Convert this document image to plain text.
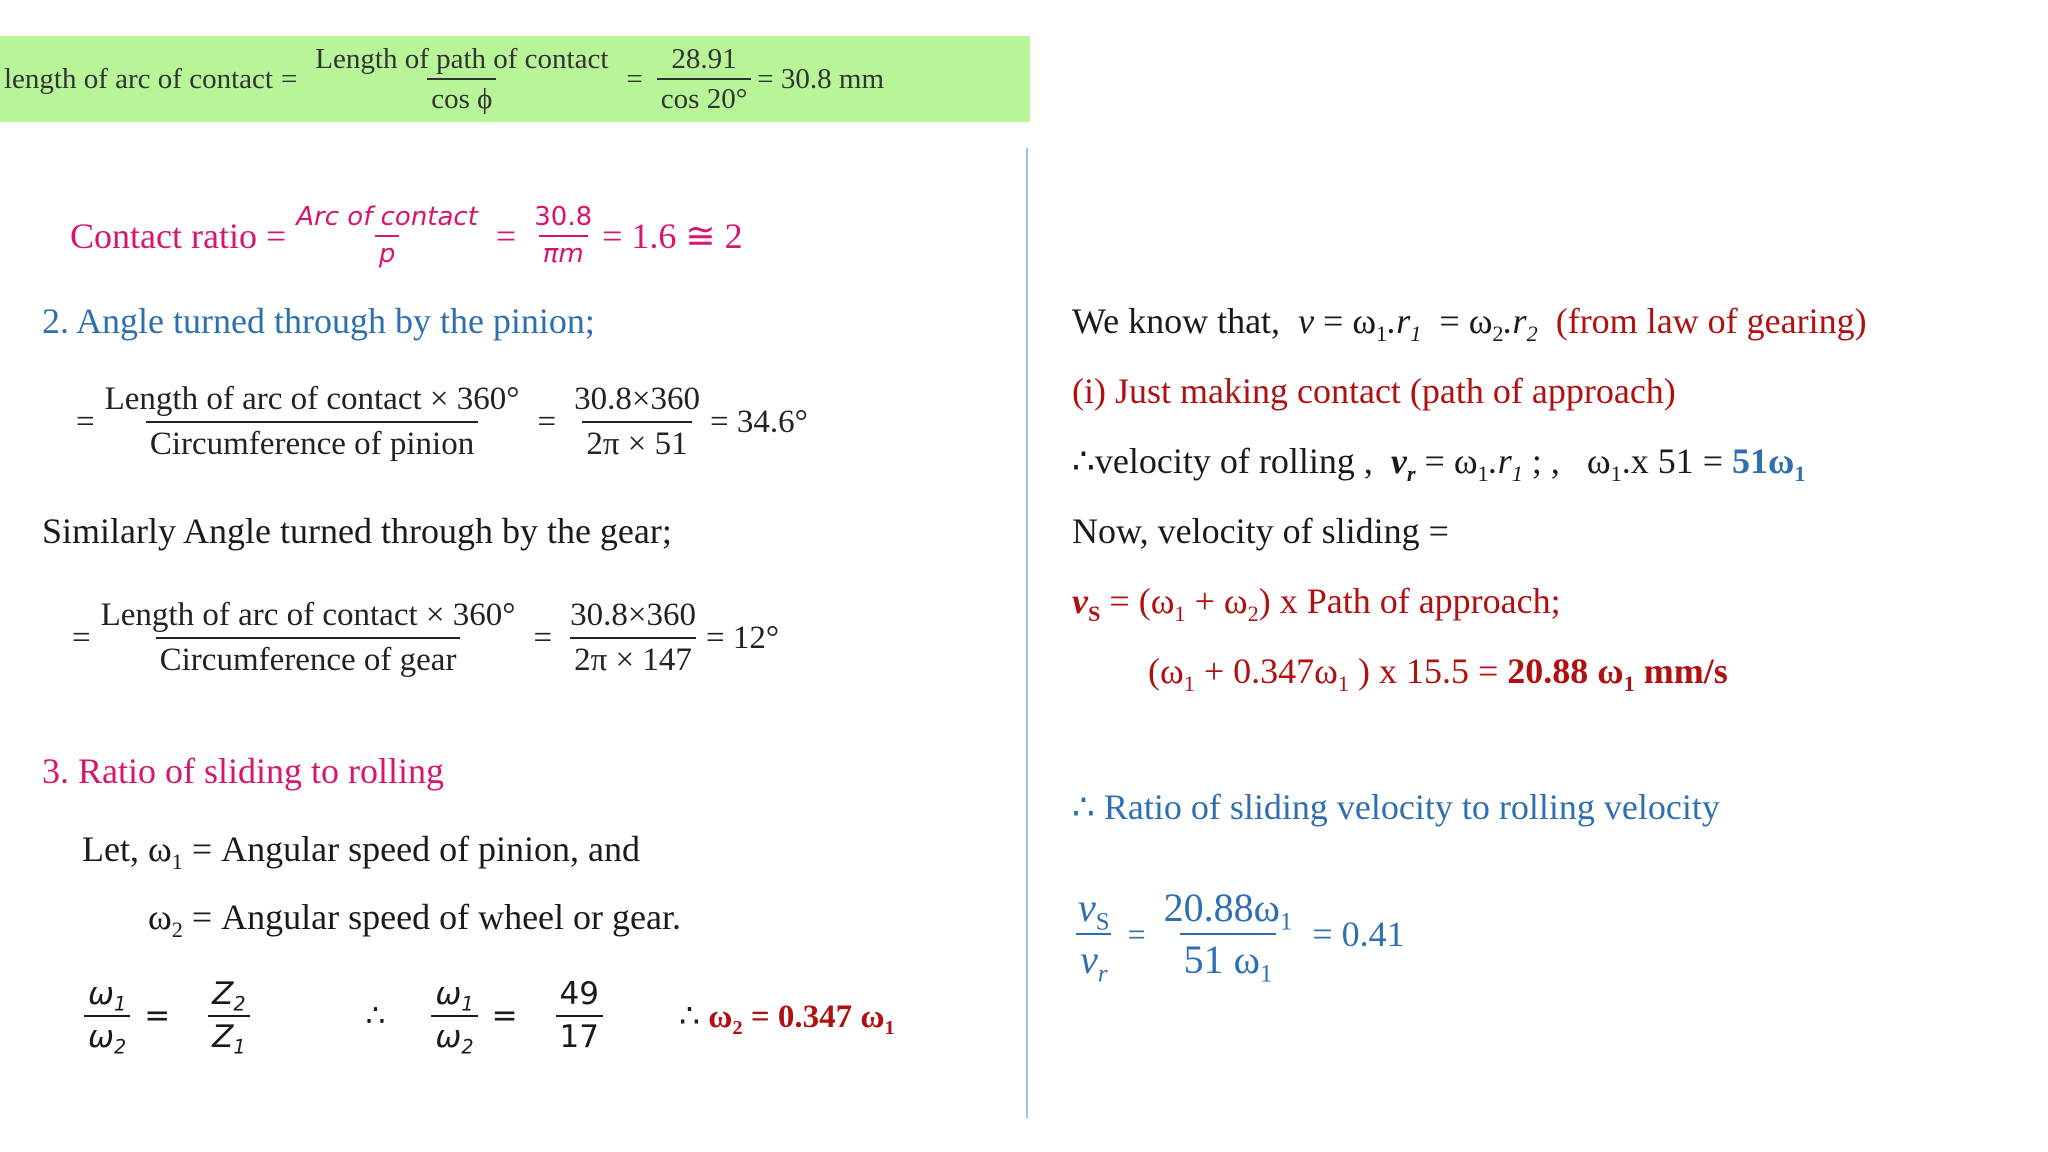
length of arc of contact = $\frac{\text{Length of path of contact}}{\text{cos ϕ}} = \frac{28.91}{\cos 20^\circ} = 30.8$ mm
Contact ratio = $\frac{\text{Arc of contact}}{p} = \frac{30.8}{\pi m} = 1.6$ ≅ 2
2. Angle turned through by the pinion;
= $\frac{\text{Length of arc of contact × 360°}}{\text{Circumference of pinion}} = \frac{30.8\times 360}{2\pi \times 51} = 34.6^\circ$
Similarly Angle turned through by the gear;
= $\frac{\text{Length of arc of contact × 360°}}{\text{Circumference of gear}} = \frac{30.8\times 360}{2\pi \times 147} = 12^\circ$
3. Ratio of sliding to rolling
Let, $\omega_1$ = Angular speed of pinion, and
$\omega_2$ = Angular speed of wheel or gear.
$\frac{\omega_1}{\omega_2} = \frac{Z_2}{Z_1}$	∴ $\frac{\omega_1}{\omega_2} = \frac{49}{17}$ ∴ $\omega_2 = 0.347$ $\omega_1$
We know that, $v = \omega_1.r_1 = \omega_2.r_2$ (from law of gearing)
(i) Just making contact (path of approach)
∴velocity of rolling , $v_r = \omega_1.r_1$ ; , $\omega_1.x$ $51 = 51\omega_1$
Now, velocity of sliding =
$v_S = (\omega_1 + \omega_2)$ x Path of approach;
($\omega_1 + 0.347\omega_1$ ) x 15.5 = 20.88 $\omega_1$ mm/s
∴ Ratio of sliding velocity to rolling velocity
$\frac{v_S}{v_r} = \frac{20.88\omega_1}{51 \omega_1} = 0.41$
